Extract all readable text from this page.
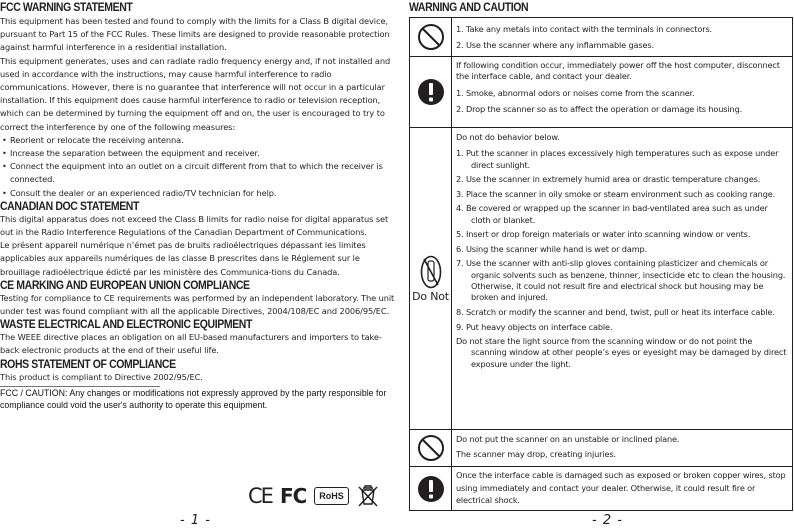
FCC WARNING STATEMENT
This equipment has been tested and found to comply with the limits for a Class B digital device, pursuant to Part 15 of the FCC Rules. These limits are designed to provide reasonable protection against harmful interference in a residential installation.
This equipment generates, uses and can radiate radio frequency energy and, if not installed and used in accordance with the instructions, may cause harmful interference to radio communications. However, there is no guarantee that interference will not occur in a particular installation. If this equipment does cause harmful interference to radio or television reception, which can be determined by turning the equipment off and on, the user is encouraged to try to correct the interference by one of the following measures:
• Reorient or relocate the receiving antenna.
• Increase the separation between the equipment and receiver.
• Connect the equipment into an outlet on a circuit different from that to which the receiver is connected.
• Consult the dealer or an experienced radio/TV technician for help.
CANADIAN DOC STATEMENT
This digital apparatus does not exceed the Class B limits for radio noise for digital apparatus set out in the Radio Interference Regulations of the Canadian Department of Communications.
Le présent appareil numérique n’émet pas de bruits radioélectriques dépassant les limites applicables aux appareils numériques de las classe B prescrites dans le Réglement sur le brouillage radioélectrique édicté par les ministère des Communica-tions du Canada.
CE MARKING AND EUROPEAN UNION COMPLIANCE
Testing for compliance to CE requirements was performed by an independent laboratory. The unit under test was found compliant with all the applicable Directives, 2004/108/EC and 2006/95/EC.
WASTE ELECTRICAL AND ELECTRONIC EQUIPMENT
The WEEE directive places an obligation on all EU-based manufacturers and importers to take-back electronic products at the end of their useful life.
ROHS STATEMENT OF COMPLIANCE
This product is compliant to Directive 2002/95/EC.
FCC / CAUTION: Any changes or modifications not expressly approved by the party responsible for compliance could void the user's authority to operate this equipment.
CE FC	RoHS
- 1 -
WARNING AND CAUTION
1. Take any metals into contact with the terminals in connectors.
2. Use the scanner where any inflammable gases.
If following condition occur, immediately power off the host computer, disconnect the interface cable, and contact your dealer.
1. Smoke, abnormal odors or noises come from the scanner.
2. Drop the scanner so as to affect the operation or damage its housing.
Do Not
Do not do behavior below.
1. Put the scanner in places excessively high temperatures such as expose under direct sunlight.
2. Use the scanner in extremely humid area or drastic temperature changes.
3. Place the scanner in oily smoke or steam environment such as cooking range.
4. Be covered or wrapped up the scanner in bad-ventilated area such as under cloth or blanket.
5. Insert or drop foreign materials or water into scanning window or vents.
6. Using the scanner while hand is wet or damp.
7. Use the scanner with anti-slip gloves containing plasticizer and chemicals or organic solvents such as benzene, thinner, insecticide etc to clean the housing. Otherwise, it could not result fire and electrical shock but housing may be broken and injured.
8. Scratch or modify the scanner and bend, twist, pull or heat its interface cable.
9. Put heavy objects on interface cable.
Do not stare the light source from the scanning window or do not point the scanning window at other people’s eyes or eyesight may be damaged by direct exposure under the light.
Do not put the scanner on an unstable or inclined plane.
The scanner may drop, creating injuries.
Once the interface cable is damaged such as exposed or broken copper wires, stop using immediately and contact your dealer. Otherwise, it could result fire or electrical shock.
- 2 -
